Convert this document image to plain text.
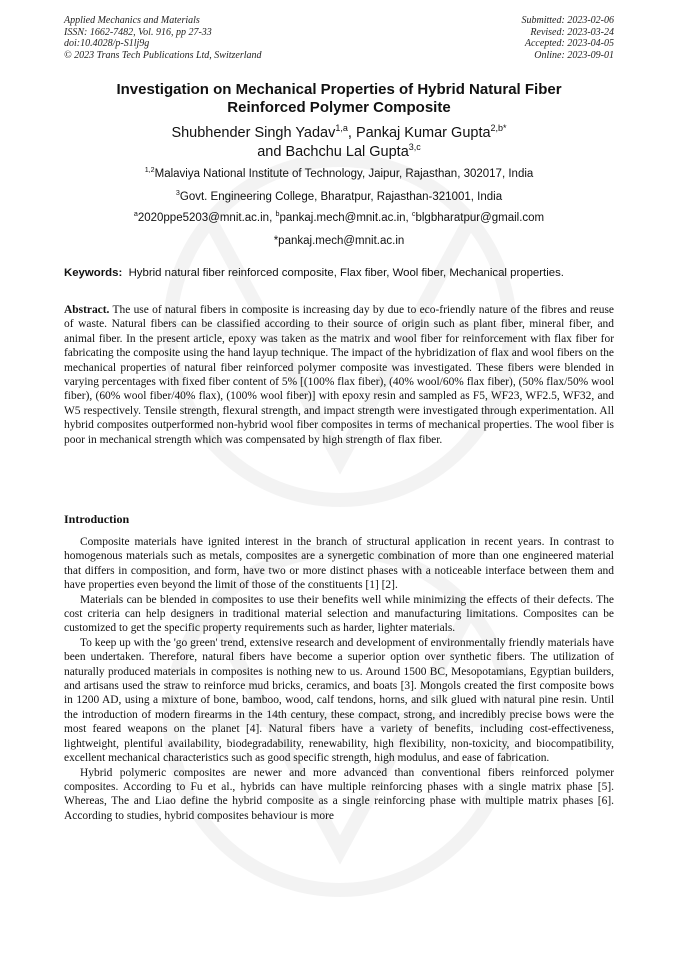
Applied Mechanics and Materials
ISSN: 1662-7482, Vol. 916, pp 27-33
doi:10.4028/p-S1lj9g
© 2023 Trans Tech Publications Ltd, Switzerland
Submitted: 2023-02-06
Revised: 2023-03-24
Accepted: 2023-04-05
Online: 2023-09-01
Investigation on Mechanical Properties of Hybrid Natural Fiber
Reinforced Polymer Composite
Shubhender Singh Yadav$^{1,a}$, Pankaj Kumar Gupta$^{2,b*}$
and Bachchu Lal Gupta$^{3,c}$
$^{1,2}$Malaviya National Institute of Technology, Jaipur, Rajasthan, 302017, India
$^3$Govt. Engineering College, Bharatpur, Rajasthan-321001, India
$^a$2020ppe5203@mnit.ac.in, $^b$pankaj.mech@mnit.ac.in, $^c$blgbharatpur@gmail.com
*pankaj.mech@mnit.ac.in
Keywords: Hybrid natural fiber reinforced composite, Flax fiber, Wool fiber, Mechanical properties.

Abstract. The use of natural fibers in composite is increasing day by due to eco-friendly nature of the fibres and reuse of waste. Natural fibers can be classified according to their source of origin such as plant fiber, mineral fiber, and animal fiber. In the present article, epoxy was taken as the matrix and wool fiber for reinforcement with flax fiber for fabricating the composite using the hand layup technique. The impact of the hybridization of flax and wool fibers on the mechanical properties of natural fiber reinforced polymer composite was investigated. These fibers were blended in varying percentages with fixed fiber content of 5% [(100% flax fiber), (40% wool/60% flax fiber), (50% flax/50% wool fiber), (60% wool fiber/40% flax), (100% wool fiber)] with epoxy resin and sampled as F5, WF23, WF2.5, WF32, and W5 respectively. Tensile strength, flexural strength, and impact strength were investigated through experimentation. All hybrid composites outperformed non-hybrid wool fiber composites in terms of mechanical properties. The wool fiber is poor in mechanical strength which was compensated by high strength of flax fiber.

Introduction

Composite materials have ignited interest in the branch of structural application in recent years. In contrast to homogenous materials such as metals, composites are a synergetic combination of more than one engineered material that differs in composition, and form, have two or more distinct phases with a noticeable interface between them and have properties even beyond the limit of those of the constituents [1] [2].

Materials can be blended in composites to use their benefits well while minimizing the effects of their defects. The cost criteria can help designers in traditional material selection and manufacturing limitations. Composites can be customized to get the specific property requirements such as harder, lighter materials.

To keep up with the 'go green' trend, extensive research and development of environmentally friendly materials have been undertaken. Therefore, natural fibers have become a superior option over synthetic fibers. The utilization of naturally produced materials in composites is nothing new to us. Around 1500 BC, Mesopotamians, Egyptian builders, and artisans used the straw to reinforce mud bricks, ceramics, and boats [3]. Mongols created the first composite bows in 1200 AD, using a mixture of bone, bamboo, wood, calf tendons, horns, and silk glued with natural pine resin. Until the introduction of modern firearms in the 14th century, these compact, strong, and incredibly precise bows were the most feared weapons on the planet [4]. Natural fibers have a variety of benefits, including cost-effectiveness, lightweight, plentiful availability, biodegradability, renewability, high flexibility, non-toxicity, and biocompatibility, excellent mechanical characteristics such as good specific strength, high modulus, and ease of fabrication.

Hybrid polymeric composites are newer and more advanced than conventional fibers reinforced polymer composites. According to Fu et al., hybrids can have multiple reinforcing phases with a single matrix phase [5]. Whereas, The and Liao define the hybrid composite as a single reinforcing phase with multiple matrix phases [6]. According to studies, hybrid composites behaviour is more
